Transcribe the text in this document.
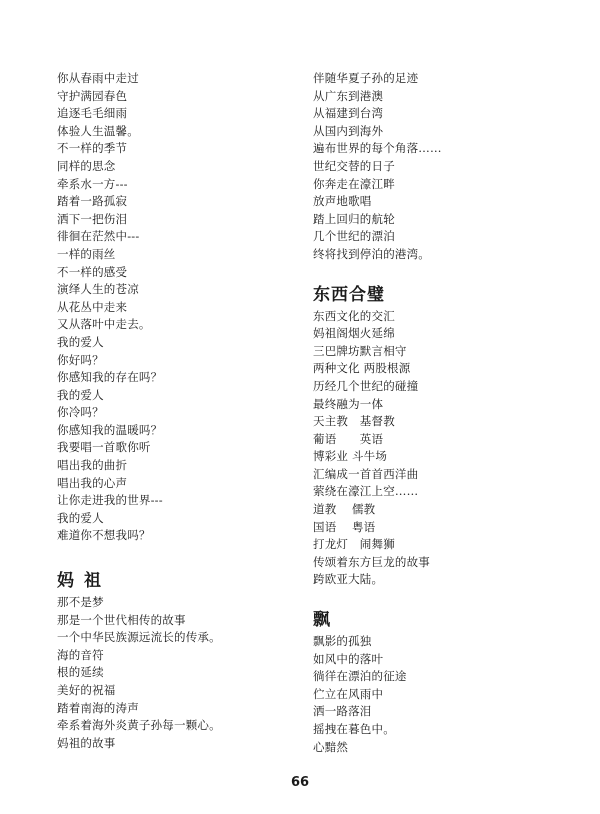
你从春雨中走过
守护满园春色
追逐毛毛细雨
体验人生温馨。
不一样的季节
同样的思念
牵系水一方---
踏着一路孤寂
洒下一把伤泪
徘徊在茫然中---
一样的雨丝
不一样的感受
演绎人生的苍凉
从花丛中走来
又从落叶中走去。
我的爱人
你好吗？
你感知我的存在吗？
我的爱人
你冷吗？
你感知我的温暖吗？
我要唱一首歌你听
唱出我的曲折
唱出我的心声
让你走进我的世界---
我的爱人
难道你不想我吗？
妈祖
那不是梦
那是一个世代相传的故事
一个中华民族源远流长的传承。
海的音符
根的延续
美好的祝福
踏着南海的涛声
牵系着海外炎黄子孙每一颗心。
妈祖的故事
伴随华夏子孙的足迹
从广东到港澳
从福建到台湾
从国内到海外
遍布世界的每个角落……
世纪交替的日子
你奔走在濠江畔
放声地歌唱
踏上回归的航轮
几个世纪的漂泊
终将找到停泊的港湾。
东西合璧
东西文化的交汇
妈祖阁烟火延绵
三巴牌坊默言相守
两种文化 两股根源
历经几个世纪的碰撞
最终融为一体
天主教　基督教
葡语　　英语
博彩业 斗牛场
汇编成一首首西洋曲
萦绕在濠江上空……
道教　 儒教
国语　 粤语
打龙灯　闹舞狮
传颂着东方巨龙的故事
跨欧亚大陆。
飘
飘影的孤独
如风中的落叶
徜徉在漂泊的征途
伫立在风雨中
洒一路落泪
摇拽在暮色中。
心黯然
66
